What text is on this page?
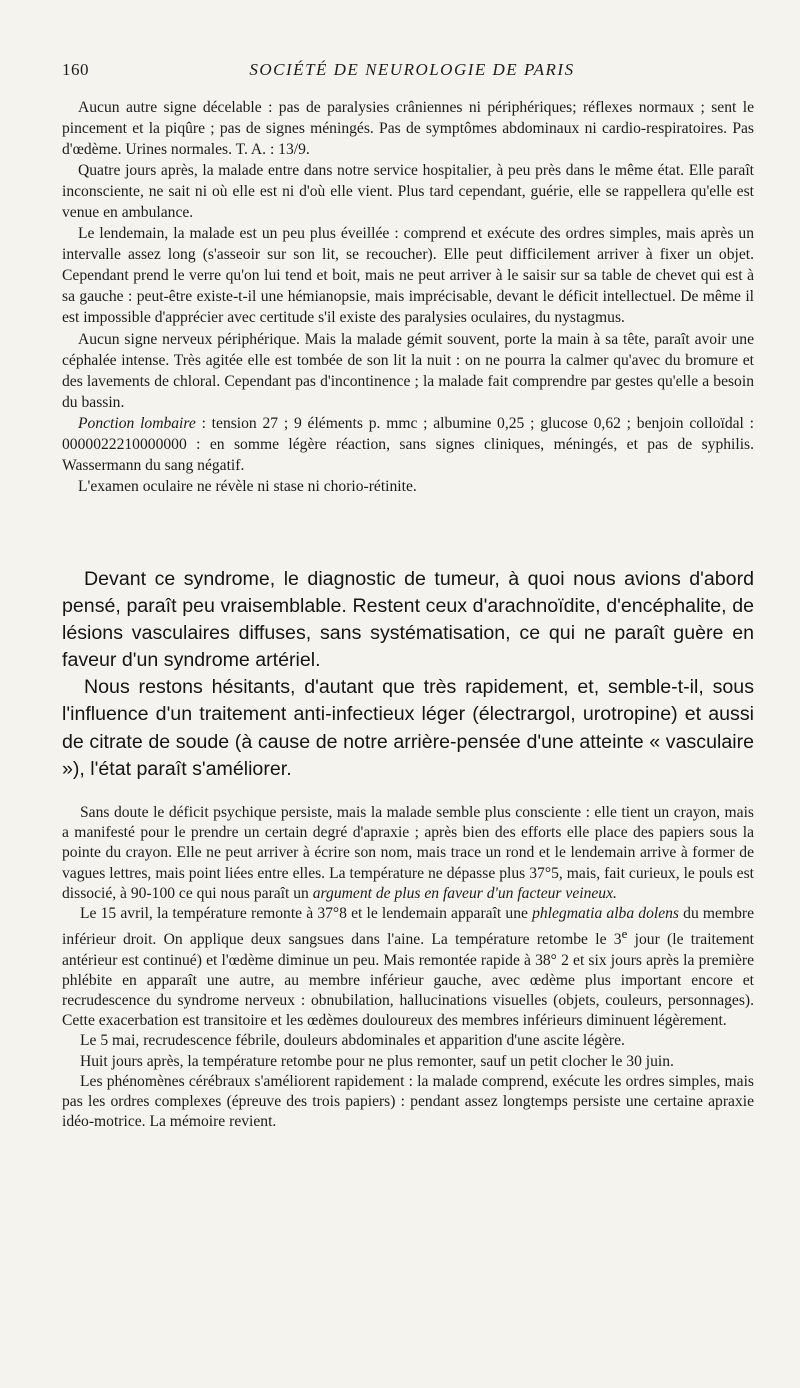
160	SOCIÉTÉ DE NEUROLOGIE DE PARIS

Aucun autre signe décelable : pas de paralysies crâniennes ni périphériques; réflexes normaux ; sent le pincement et la piqûre ; pas de signes méningés. Pas de symptômes abdominaux ni cardio-respiratoires. Pas d'œdème. Urines normales. T. A. : 13/9.

Quatre jours après, la malade entre dans notre service hospitalier, à peu près dans le même état. Elle paraît inconsciente, ne sait ni où elle est ni d'où elle vient. Plus tard cependant, guérie, elle se rappellera qu'elle est venue en ambulance.

Le lendemain, la malade est un peu plus éveillée : comprend et exécute des ordres simples, mais après un intervalle assez long (s'asseoir sur son lit, se recoucher). Elle peut difficilement arriver à fixer un objet. Cependant prend le verre qu'on lui tend et boit, mais ne peut arriver à le saisir sur sa table de chevet qui est à sa gauche : peut-être existe-t-il une hémianopsie, mais imprécisable, devant le déficit intellectuel. De même il est impossible d'apprécier avec certitude s'il existe des paralysies oculaires, du nystagmus.

Aucun signe nerveux périphérique. Mais la malade gémit souvent, porte la main à sa tête, paraît avoir une céphalée intense. Très agitée elle est tombée de son lit la nuit : on ne pourra la calmer qu'avec du bromure et des lavements de chloral. Cependant pas d'incontinence ; la malade fait comprendre par gestes qu'elle a besoin du bassin.

Ponction lombaire : tension 27 ; 9 éléments p. mmc ; albumine 0,25 ; glucose 0,62 ; benjoin colloïdal : 0000022210000000 : en somme légère réaction, sans signes cliniques, méningés, et pas de syphilis. Wassermann du sang négatif.

L'examen oculaire ne révèle ni stase ni chorio-rétinite.

Devant ce syndrome, le diagnostic de tumeur, à quoi nous avions d'abord pensé, paraît peu vraisemblable. Restent ceux d'arachnoïdite, d'encéphalite, de lésions vasculaires diffuses, sans systématisation, ce qui ne paraît guère en faveur d'un syndrome artériel.

Nous restons hésitants, d'autant que très rapidement, et, semble-t-il, sous l'influence d'un traitement anti-infectieux léger (électrargol, urotropine) et aussi de citrate de soude (à cause de notre arrière-pensée d'une atteinte « vasculaire »), l'état paraît s'améliorer.

Sans doute le déficit psychique persiste, mais la malade semble plus consciente : elle tient un crayon, mais a manifesté pour le prendre un certain degré d'apraxie ; après bien des efforts elle place des papiers sous la pointe du crayon. Elle ne peut arriver à écrire son nom, mais trace un rond et le lendemain arrive à former de vagues lettres, mais point liées entre elles. La température ne dépasse plus 37°5, mais, fait curieux, le pouls est dissocié, à 90-100 ce qui nous paraît un argument de plus en faveur d'un facteur veineux.

Le 15 avril, la température remonte à 37°8 et le lendemain apparaît une phlegmatia alba dolens du membre inférieur droit. On applique deux sangsues dans l'aine. La température retombe le 3e jour (le traitement antérieur est continué) et l'œdème diminue un peu. Mais remontée rapide à 38° 2 et six jours après la première phlébite en apparaît une autre, au membre inférieur gauche, avec œdème plus important encore et recrudescence du syndrome nerveux : obnubilation, hallucinations visuelles (objets, couleurs, personnages). Cette exacerbation est transitoire et les œdèmes douloureux des membres inférieurs diminuent légèrement.

Le 5 mai, recrudescence fébrile, douleurs abdominales et apparition d'une ascite légère.

Huit jours après, la température retombe pour ne plus remonter, sauf un petit clocher le 30 juin.

Les phénomènes cérébraux s'améliorent rapidement : la malade comprend, exécute les ordres simples, mais pas les ordres complexes (épreuve des trois papiers) : pendant assez longtemps persiste une certaine apraxie idéo-motrice. La mémoire revient.
